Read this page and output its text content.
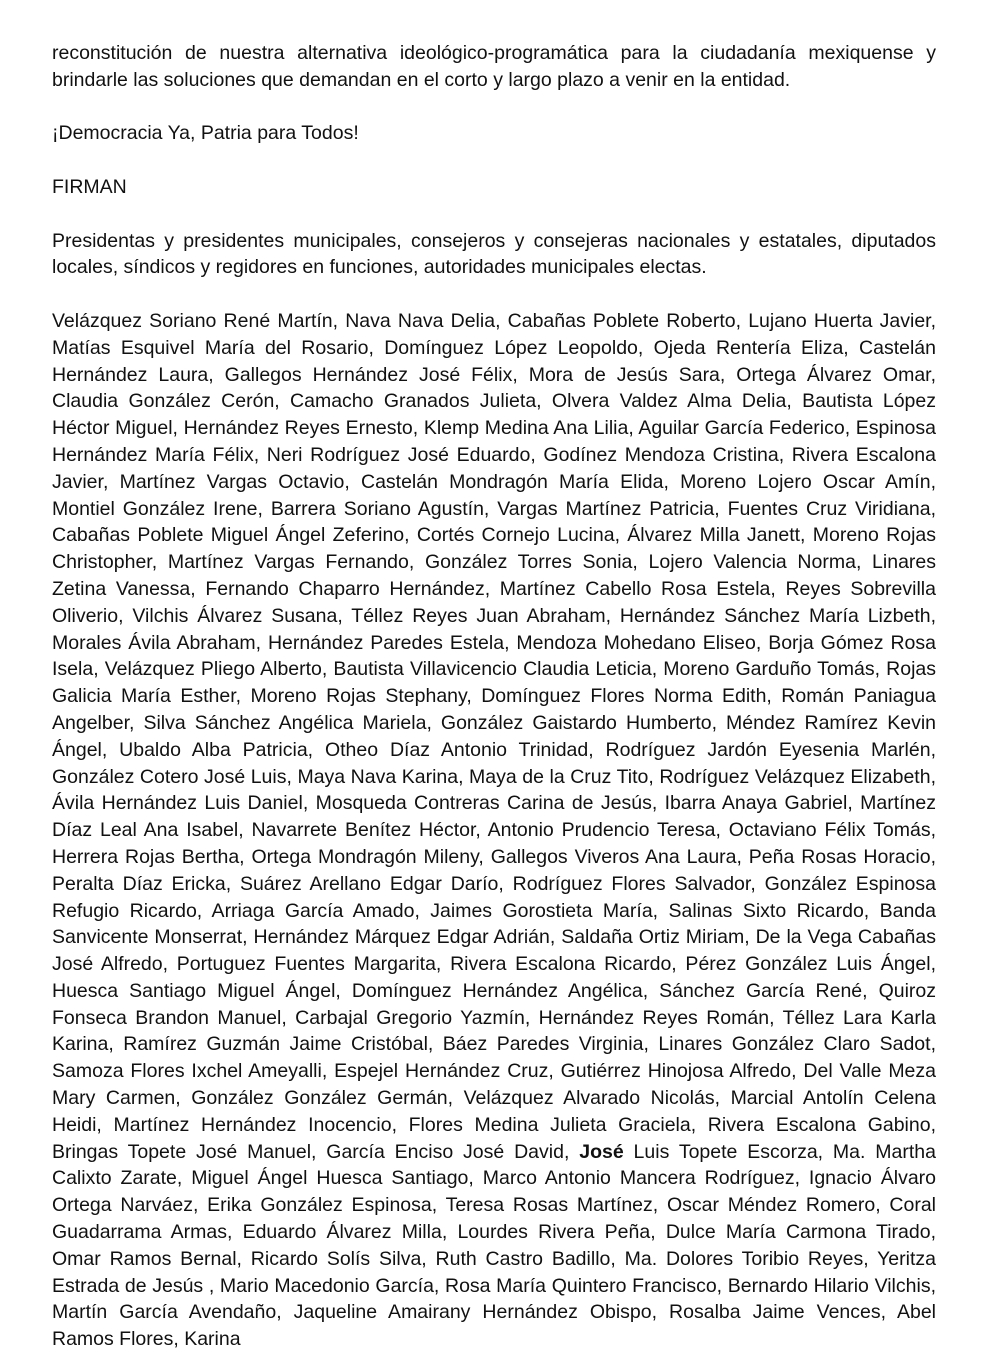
reconstitución de nuestra alternativa ideológico-programática para la ciudadanía mexiquense y brindarle las soluciones que demandan en el corto y largo plazo a venir en la entidad.

¡Democracia Ya, Patria para Todos!

FIRMAN

Presidentas y presidentes municipales, consejeros y consejeras nacionales y estatales, diputados locales, síndicos y regidores en funciones, autoridades municipales electas.

Velázquez Soriano René Martín, Nava Nava Delia, Cabañas Poblete Roberto, Lujano Huerta Javier, Matías Esquivel María del Rosario, Domínguez López Leopoldo, Ojeda Rentería Eliza, Castelán Hernández Laura, Gallegos Hernández José Félix, Mora de Jesús Sara, Ortega Álvarez Omar, Claudia González Cerón, Camacho Granados Julieta, Olvera Valdez Alma Delia, Bautista López Héctor Miguel, Hernández Reyes Ernesto, Klemp Medina Ana Lilia, Aguilar García Federico, Espinosa Hernández María Félix, Neri Rodríguez José Eduardo, Godínez Mendoza Cristina, Rivera Escalona Javier, Martínez Vargas Octavio, Castelán Mondragón María Elida, Moreno Lojero Oscar Amín, Montiel González Irene, Barrera Soriano Agustín, Vargas Martínez Patricia, Fuentes Cruz Viridiana, Cabañas Poblete Miguel Ángel Zeferino, Cortés Cornejo Lucina, Álvarez Milla Janett, Moreno Rojas Christopher, Martínez Vargas Fernando, González Torres Sonia, Lojero Valencia Norma, Linares Zetina Vanessa, Fernando Chaparro Hernández, Martínez Cabello Rosa Estela, Reyes Sobrevilla Oliverio, Vilchis Álvarez Susana, Téllez Reyes Juan Abraham, Hernández Sánchez María Lizbeth, Morales Ávila Abraham, Hernández Paredes Estela, Mendoza Mohedano Eliseo, Borja Gómez Rosa Isela, Velázquez Pliego Alberto, Bautista Villavicencio Claudia Leticia, Moreno Garduño Tomás, Rojas Galicia María Esther, Moreno Rojas Stephany, Domínguez Flores Norma Edith, Román Paniagua Angelber, Silva Sánchez Angélica Mariela, González Gaistardo Humberto, Méndez Ramírez Kevin Ángel, Ubaldo Alba Patricia, Otheo Díaz Antonio Trinidad, Rodríguez Jardón Eyesenia Marlén, González Cotero José Luis, Maya Nava Karina, Maya de la Cruz Tito, Rodríguez Velázquez Elizabeth, Ávila Hernández Luis Daniel, Mosqueda Contreras Carina de Jesús, Ibarra Anaya Gabriel, Martínez Díaz Leal Ana Isabel, Navarrete Benítez Héctor, Antonio Prudencio Teresa, Octaviano Félix Tomás, Herrera Rojas Bertha, Ortega Mondragón Mileny, Gallegos Viveros Ana Laura, Peña Rosas Horacio, Peralta Díaz Ericka, Suárez Arellano Edgar Darío, Rodríguez Flores Salvador, González Espinosa Refugio Ricardo, Arriaga García Amado, Jaimes Gorostieta María, Salinas Sixto Ricardo, Banda Sanvicente Monserrat, Hernández Márquez Edgar Adrián, Saldaña Ortiz Miriam, De la Vega Cabañas José Alfredo, Portuguez Fuentes Margarita, Rivera Escalona Ricardo, Pérez González Luis Ángel, Huesca Santiago Miguel Ángel, Domínguez Hernández Angélica, Sánchez García René, Quiroz Fonseca Brandon Manuel, Carbajal Gregorio Yazmín, Hernández Reyes Román, Téllez Lara Karla Karina, Ramírez Guzmán Jaime Cristóbal, Báez Paredes Virginia, Linares González Claro Sadot, Samoza Flores Ixchel Ameyalli, Espejel Hernández Cruz, Gutiérrez Hinojosa Alfredo, Del Valle Meza Mary Carmen, González González Germán, Velázquez Alvarado Nicolás, Marcial Antolín Celena Heidi, Martínez Hernández Inocencio, Flores Medina Julieta Graciela, Rivera Escalona Gabino, Bringas Topete José Manuel, García Enciso José David, José Luis Topete Escorza, Ma. Martha Calixto Zarate, Miguel Ángel Huesca Santiago, Marco Antonio Mancera Rodríguez, Ignacio Álvaro Ortega Narváez, Erika González Espinosa, Teresa Rosas Martínez, Oscar Méndez Romero, Coral Guadarrama Armas, Eduardo Álvarez Milla, Lourdes Rivera Peña, Dulce María Carmona Tirado, Omar Ramos Bernal, Ricardo Solís Silva, Ruth Castro Badillo, Ma. Dolores Toribio Reyes, Yeritza Estrada de Jesús , Mario Macedonio García, Rosa María Quintero Francisco, Bernardo Hilario Vilchis, Martín García Avendaño, Jaqueline Amairany Hernández Obispo, Rosalba Jaime Vences, Abel Ramos Flores, Karina
